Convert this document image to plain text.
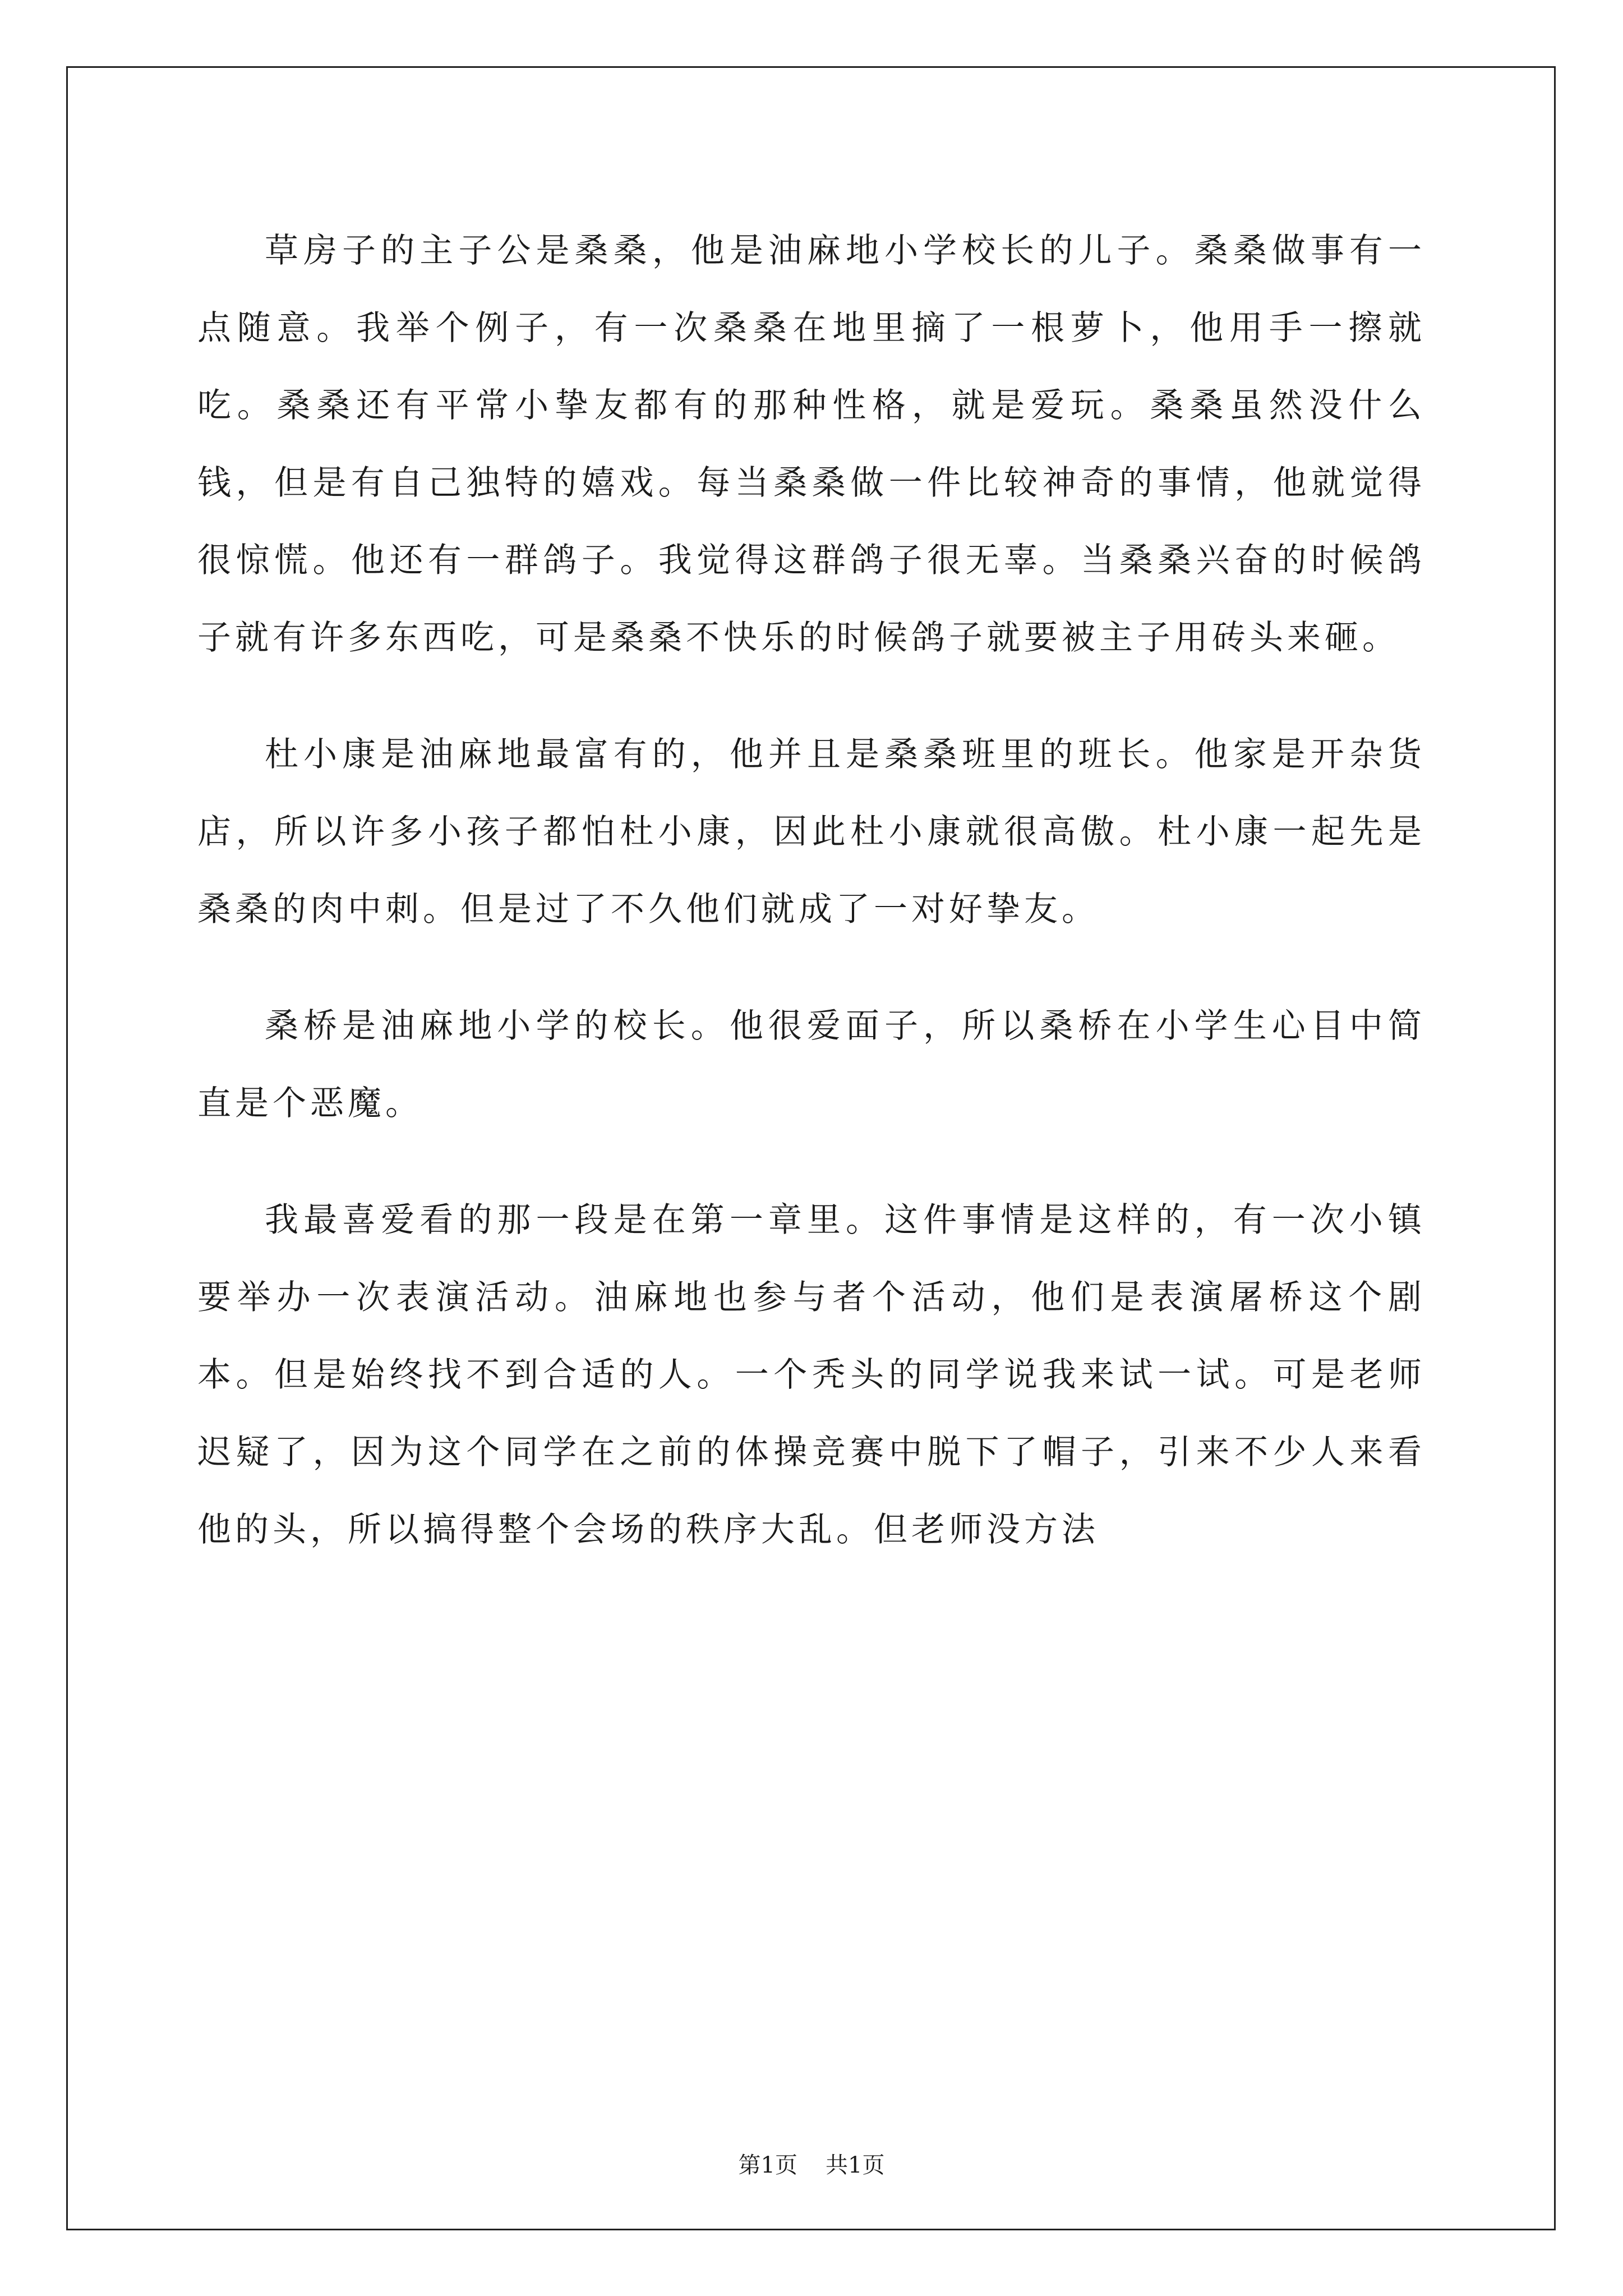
草房子的主子公是桑桑，他是油麻地小学校长的儿子。桑桑做事有一点随意。我举个例子，有一次桑桑在地里摘了一根萝卜，他用手一擦就吃。桑桑还有平常小挚友都有的那种性格，就是爱玩。桑桑虽然没什么钱，但是有自己独特的嬉戏。每当桑桑做一件比较神奇的事情，他就觉得很惊慌。他还有一群鸽子。我觉得这群鸽子很无辜。当桑桑兴奋的时候鸽子就有许多东西吃，可是桑桑不快乐的时候鸽子就要被主子用砖头来砸。

杜小康是油麻地最富有的，他并且是桑桑班里的班长。他家是开杂货店，所以许多小孩子都怕杜小康，因此杜小康就很高傲。杜小康一起先是桑桑的肉中刺。但是过了不久他们就成了一对好挚友。

桑桥是油麻地小学的校长。他很爱面子，所以桑桥在小学生心目中简直是个恶魔。

我最喜爱看的那一段是在第一章里。这件事情是这样的，有一次小镇要举办一次表演活动。油麻地也参与者个活动，他们是表演屠桥这个剧本。但是始终找不到合适的人。一个秃头的同学说我来试一试。可是老师迟疑了，因为这个同学在之前的体操竞赛中脱下了帽子，引来不少人来看他的头，所以搞得整个会场的秩序大乱。但老师没方法

第1页 共1页
